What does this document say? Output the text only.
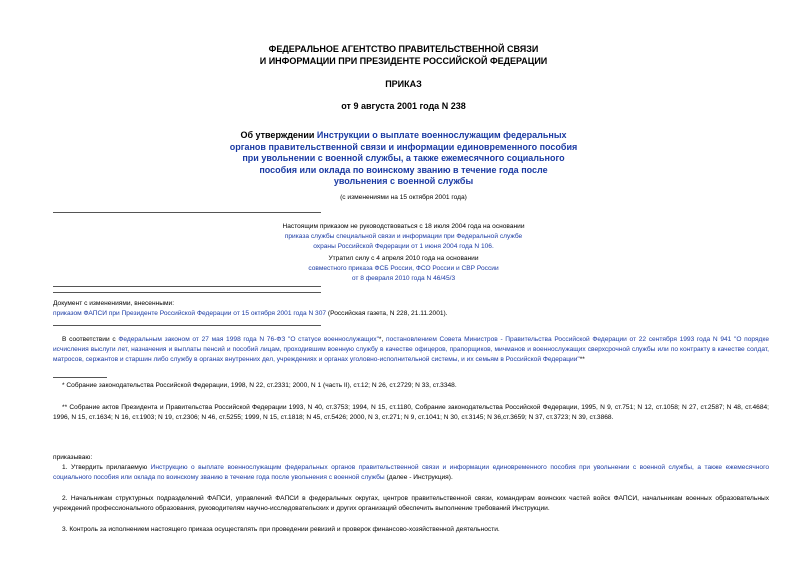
ФЕДЕРАЛЬНОЕ АГЕНТСТВО ПРАВИТЕЛЬСТВЕННОЙ СВЯЗИ
И ИНФОРМАЦИИ ПРИ ПРЕЗИДЕНТЕ РОССИЙСКОЙ ФЕДЕРАЦИИ
ПРИКАЗ
от 9 августа 2001 года N 238
Об утверждении Инструкции о выплате военнослужащим федеральных
органов правительственной связи и информации единовременного пособия
при увольнении с военной службы, а также ежемесячного социального
пособия или оклада по воинскому званию в течение года после
увольнения с военной службы
(с изменениями на 15 октября 2001 года)
Настоящим приказом не руководствоваться с 18 июля 2004 года на основании
приказа службы специальной связи и информации при Федеральной службе
охраны Российской Федерации от 1 июня 2004 года N 106.
Утратил силу с 4 апреля 2010 года на основании
совместного приказа ФСБ России, ФСО России и СВР России
от 8 февраля 2010 года N 46/45/3
Документ с изменениями, внесенными:
приказом ФАПСИ при Президенте Российской Федерации от 15 октября 2001 года N 307 (Российская газета, N 228, 21.11.2001).
В соответствии с Федеральным законом от 27 мая 1998 года N 76-ФЗ "О статусе военнослужащих"*, постановлением Совета Министров - Правительства Российской Федерации от 22 сентября 1993 года N 941 "О порядке исчисления выслуги лет, назначения и выплаты пенсий и пособий лицам, проходившим военную службу в качестве офицеров, прапорщиков, мичманов и военнослужащих сверхсрочной службы или по контракту в качестве солдат, матросов, сержантов и старшин либо службу в органах внутренних дел, учреждениях и органах уголовно-исполнительной системы, и их семьям в Российской Федерации"**
* Собрание законодательства Российской Федерации, 1998, N 22, ст.2331; 2000, N 1 (часть II), ст.12; N 26, ст.2729; N 33, ст.3348.
** Собрание актов Президента и Правительства Российской Федерации 1993, N 40, ст.3753; 1994, N 15, ст.1180, Собрание законодательства Российской Федерации, 1995, N 9, ст.751; N 12, ст.1058; N 27, ст.2587; N 48, ст.4684; 1996, N 15, ст.1634; N 16, ст.1903; N 19, ст.2306; N 46, ст.5255; 1999, N 15, ст.1818; N 45, ст.5426; 2000, N 3, ст.271; N 9, ст.1041; N 30, ст.3145; N 36,ст.3659; N 37, ст.3723; N 39, ст.3868.
приказываю:
1. Утвердить прилагаемую Инструкцию о выплате военнослужащим федеральных органов правительственной связи и информации единовременного пособия при увольнении с военной службы, а также ежемесячного социального пособия или оклада по воинскому званию в течение года после увольнения с военной службы (далее - Инструкция).
2. Начальникам структурных подразделений ФАПСИ, управлений ФАПСИ в федеральных округах, центров правительственной связи, командирам воинских частей войск ФАПСИ, начальникам военных образовательных учреждений профессионального образования, руководителям научно-исследовательских и других организаций обеспечить выполнение требований Инструкции.
3. Контроль за исполнением настоящего приказа осуществлять при проведении ревизий и проверок финансово-хозяйственной деятельности.
